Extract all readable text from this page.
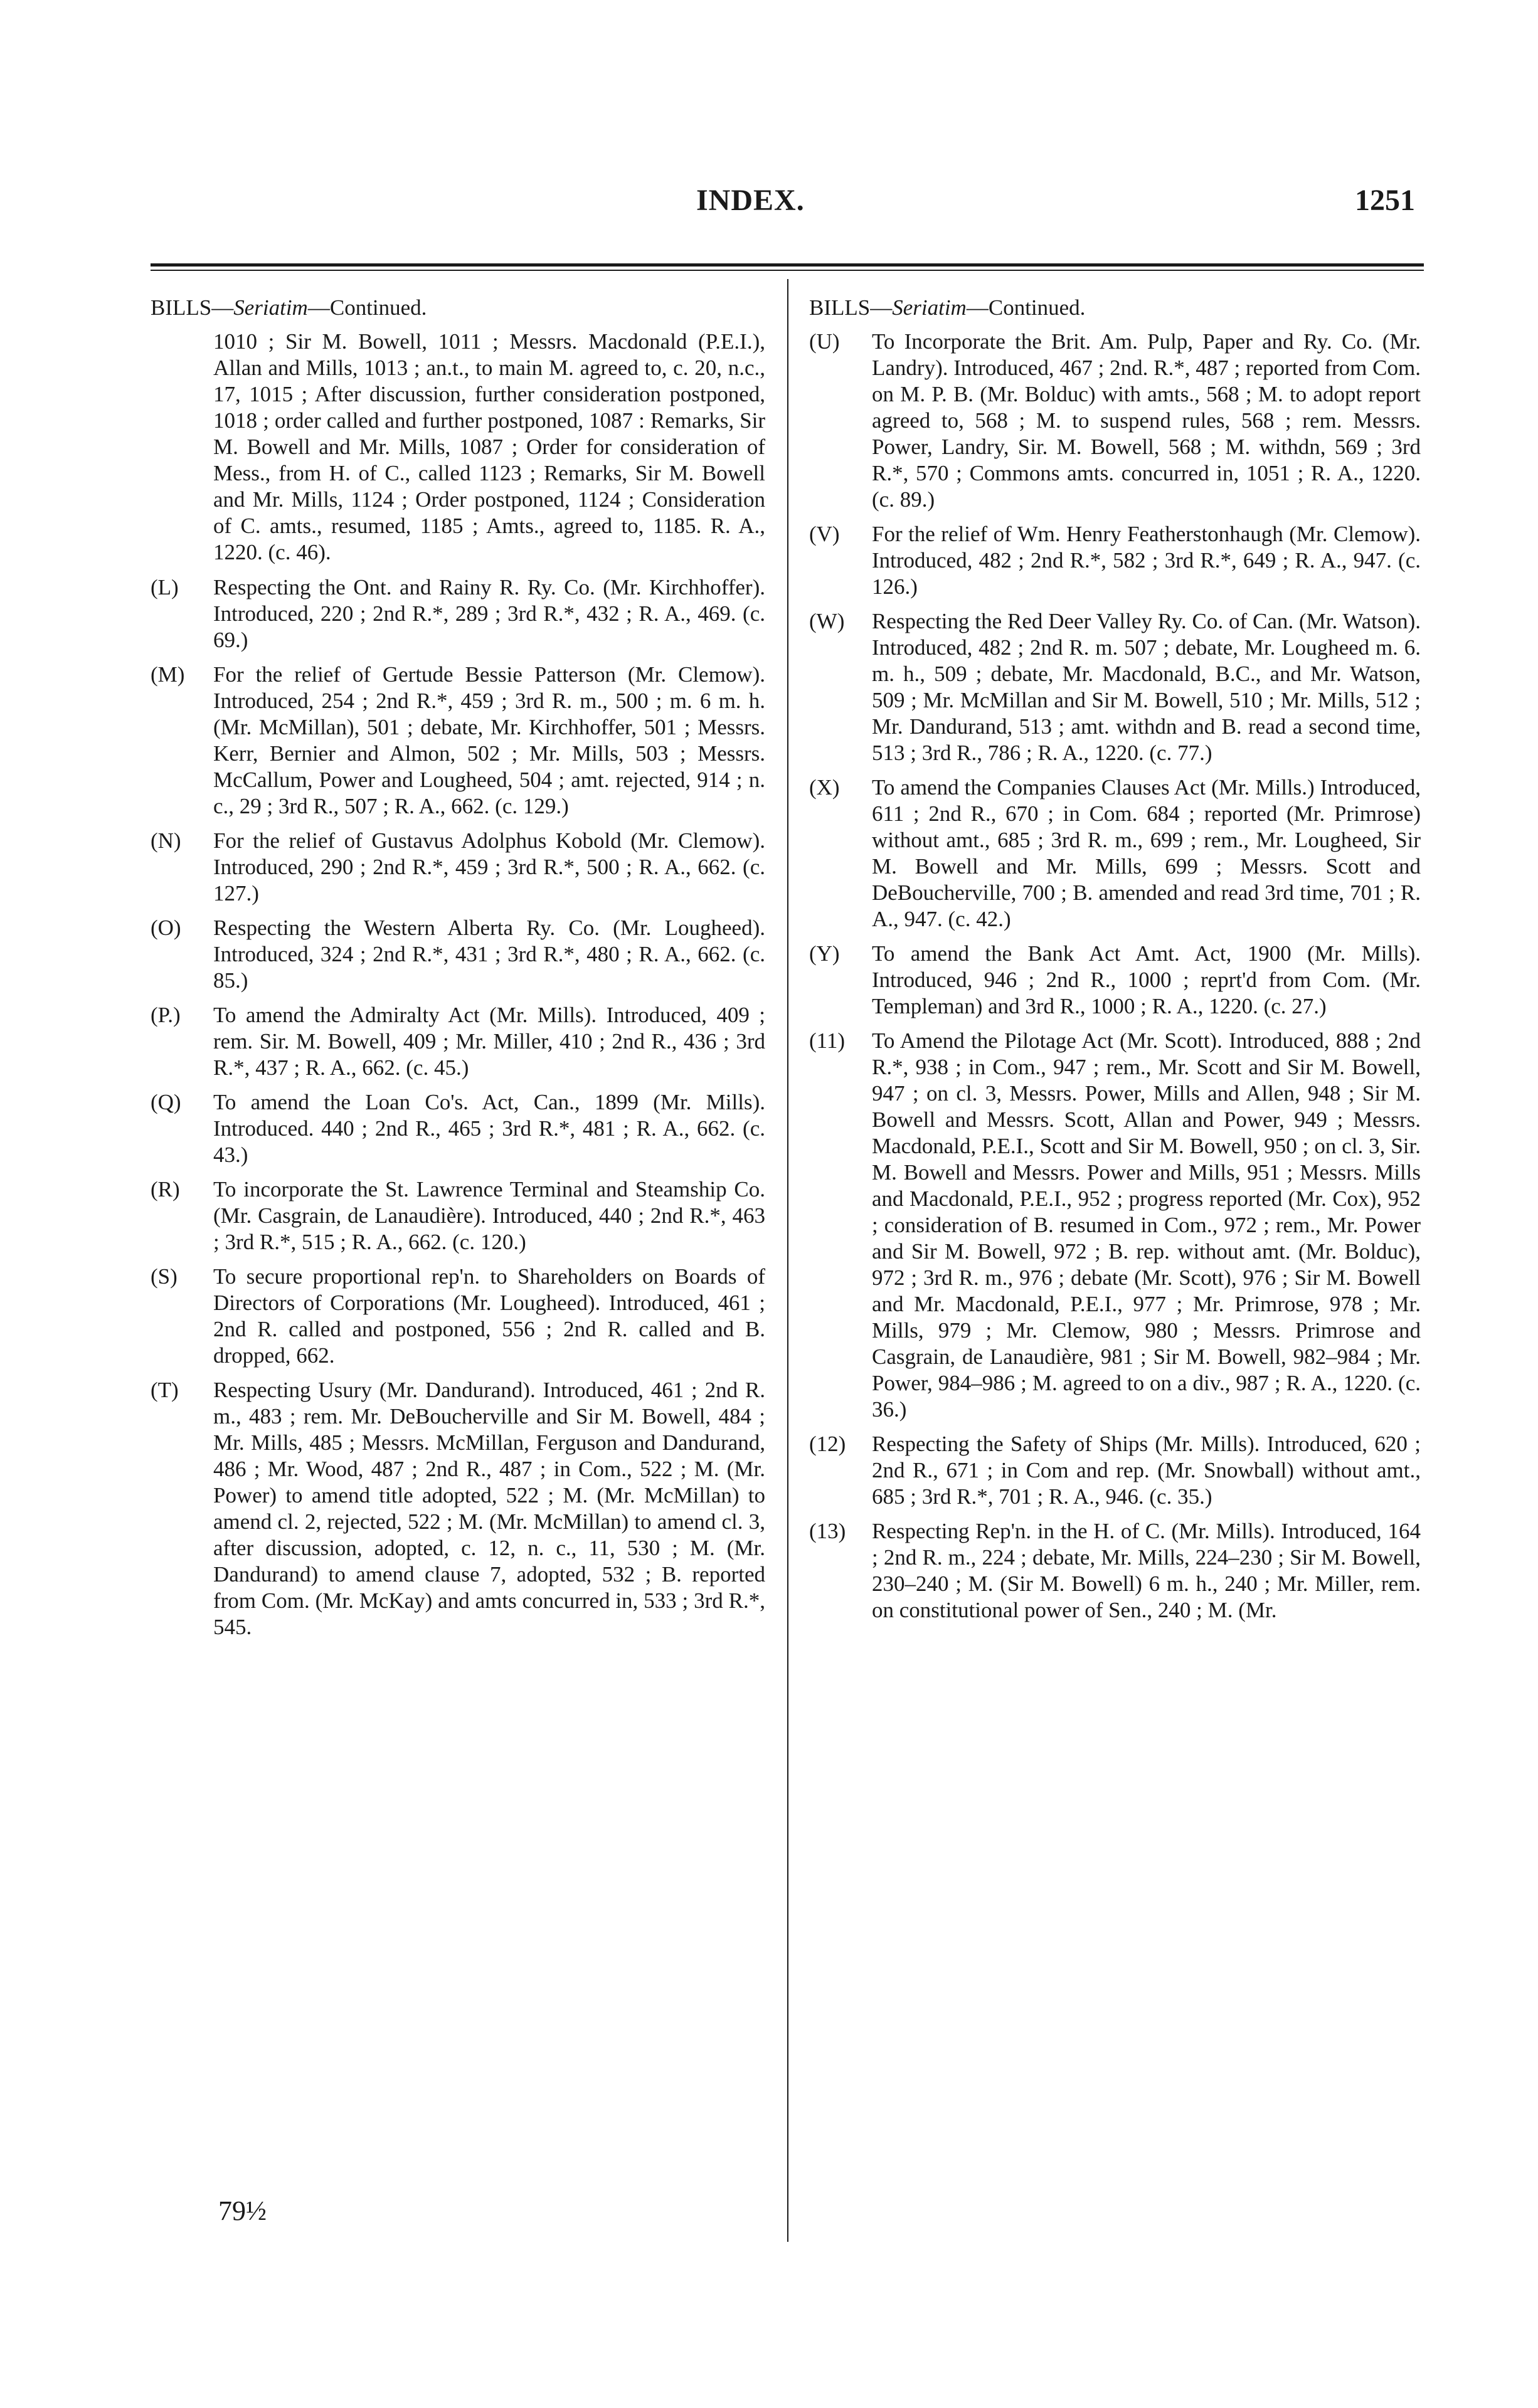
INDEX.	1251
BILLS—Seriatim—Continued.
1010 ; Sir M. Bowell, 1011 ; Messrs. Macdonald (P.E.I.), Allan and Mills, 1013 ; an.t., to main M. agreed to, c. 20, n.c., 17, 1015 ; After discussion, further consideration postponed, 1018 ; order called and further postponed, 1087 : Remarks, Sir M. Bowell and Mr. Mills, 1087 ; Order for consideration of Mess., from H. of C., called 1123 ; Remarks, Sir M. Bowell and Mr. Mills, 1124 ; Order postponed, 1124 ; Consideration of C. amts., resumed, 1185 ; Amts., agreed to, 1185. R. A., 1220. (c. 46).
(L)	Respecting the Ont. and Rainy R. Ry. Co. (Mr. Kirchhoffer). Introduced, 220 ; 2nd R.*, 289 ; 3rd R.*, 432 ; R. A., 469. (c. 69.)
(M)	For the relief of Gertude Bessie Patterson (Mr. Clemow). Introduced, 254 ; 2nd R.*, 459 ; 3rd R. m., 500 ; m. 6 m. h. (Mr. McMillan), 501 ; debate, Mr. Kirchhoffer, 501 ; Messrs. Kerr, Bernier and Almon, 502 ; Mr. Mills, 503 ; Messrs. McCallum, Power and Lougheed, 504 ; amt. rejected, 914 ; n. c., 29 ; 3rd R., 507 ; R. A., 662. (c. 129.)
(N)	For the relief of Gustavus Adolphus Kobold (Mr. Clemow). Introduced, 290 ; 2nd R.*, 459 ; 3rd R.*, 500 ; R. A., 662. (c. 127.)
(O)	Respecting the Western Alberta Ry. Co. (Mr. Lougheed). Introduced, 324 ; 2nd R.*, 431 ; 3rd R.*, 480 ; R. A., 662. (c. 85.)
(P.)	To amend the Admiralty Act (Mr. Mills). Introduced, 409 ; rem. Sir. M. Bowell, 409 ; Mr. Miller, 410 ; 2nd R., 436 ; 3rd R.*, 437 ; R. A., 662. (c. 45.)
(Q)	To amend the Loan Co's. Act, Can., 1899 (Mr. Mills). Introduced. 440 ; 2nd R., 465 ; 3rd R.*, 481 ; R. A., 662. (c. 43.)
(R)	To incorporate the St. Lawrence Terminal and Steamship Co. (Mr. Casgrain, de Lanaudière). Introduced, 440 ; 2nd R.*, 463 ; 3rd R.*, 515 ; R. A., 662. (c. 120.)
(S)	To secure proportional rep'n. to Shareholders on Boards of Directors of Corporations (Mr. Lougheed). Introduced, 461 ; 2nd R. called and postponed, 556 ; 2nd R. called and B. dropped, 662.
(T)	Respecting Usury (Mr. Dandurand). Introduced, 461 ; 2nd R. m., 483 ; rem. Mr. DeBoucherville and Sir M. Bowell, 484 ; Mr. Mills, 485 ; Messrs. McMillan, Ferguson and Dandurand, 486 ; Mr. Wood, 487 ; 2nd R., 487 ; in Com., 522 ; M. (Mr. Power) to amend title adopted, 522 ; M. (Mr. McMillan) to amend cl. 2, rejected, 522 ; M. (Mr. McMillan) to amend cl. 3, after discussion, adopted, c. 12, n. c., 11, 530 ; M. (Mr. Dandurand) to amend clause 7, adopted, 532 ; B. reported from Com. (Mr. McKay) and amts concurred in, 533 ; 3rd R.*, 545.
BILLS—Seriatim—Continued.
(U)	To Incorporate the Brit. Am. Pulp, Paper and Ry. Co. (Mr. Landry). Introduced, 467 ; 2nd. R.*, 487 ; reported from Com. on M. P. B. (Mr. Bolduc) with amts., 568 ; M. to adopt report agreed to, 568 ; M. to suspend rules, 568 ; rem. Messrs. Power, Landry, Sir. M. Bowell, 568 ; M. withdn, 569 ; 3rd R.*, 570 ; Commons amts. concurred in, 1051 ; R. A., 1220. (c. 89.)
(V)	For the relief of Wm. Henry Featherstonhaugh (Mr. Clemow). Introduced, 482 ; 2nd R.*, 582 ; 3rd R.*, 649 ; R. A., 947. (c. 126.)
(W)	Respecting the Red Deer Valley Ry. Co. of Can. (Mr. Watson). Introduced, 482 ; 2nd R. m. 507 ; debate, Mr. Lougheed m. 6. m. h., 509 ; debate, Mr. Macdonald, B.C., and Mr. Watson, 509 ; Mr. McMillan and Sir M. Bowell, 510 ; Mr. Mills, 512 ; Mr. Dandurand, 513 ; amt. withdn and B. read a second time, 513 ; 3rd R., 786 ; R. A., 1220. (c. 77.)
(X)	To amend the Companies Clauses Act (Mr. Mills.) Introduced, 611 ; 2nd R., 670 ; in Com. 684 ; reported (Mr. Primrose) without amt., 685 ; 3rd R. m., 699 ; rem., Mr. Lougheed, Sir M. Bowell and Mr. Mills, 699 ; Messrs. Scott and DeBoucherville, 700 ; B. amended and read 3rd time, 701 ; R. A., 947. (c. 42.)
(Y)	To amend the Bank Act Amt. Act, 1900 (Mr. Mills). Introduced, 946 ; 2nd R., 1000 ; reprt'd from Com. (Mr. Templeman) and 3rd R., 1000 ; R. A., 1220. (c. 27.)
(11)	To Amend the Pilotage Act (Mr. Scott). Introduced, 888 ; 2nd R.*, 938 ; in Com., 947 ; rem., Mr. Scott and Sir M. Bowell, 947 ; on cl. 3, Messrs. Power, Mills and Allen, 948 ; Sir M. Bowell and Messrs. Scott, Allan and Power, 949 ; Messrs. Macdonald, P.E.I., Scott and Sir M. Bowell, 950 ; on cl. 3, Sir. M. Bowell and Messrs. Power and Mills, 951 ; Messrs. Mills and Macdonald, P.E.I., 952 ; progress reported (Mr. Cox), 952 ; consideration of B. resumed in Com., 972 ; rem., Mr. Power and Sir M. Bowell, 972 ; B. rep. without amt. (Mr. Bolduc), 972 ; 3rd R. m., 976 ; debate (Mr. Scott), 976 ; Sir M. Bowell and Mr. Macdonald, P.E.I., 977 ; Mr. Primrose, 978 ; Mr. Mills, 979 ; Mr. Clemow, 980 ; Messrs. Primrose and Casgrain, de Lanaudière, 981 ; Sir M. Bowell, 982–984 ; Mr. Power, 984–986 ; M. agreed to on a div., 987 ; R. A., 1220. (c. 36.)
(12)	Respecting the Safety of Ships (Mr. Mills). Introduced, 620 ; 2nd R., 671 ; in Com and rep. (Mr. Snowball) without amt., 685 ; 3rd R.*, 701 ; R. A., 946. (c. 35.)
(13)	Respecting Rep'n. in the H. of C. (Mr. Mills). Introduced, 164 ; 2nd R. m., 224 ; debate, Mr. Mills, 224–230 ; Sir M. Bowell, 230–240 ; M. (Sir M. Bowell) 6 m. h., 240 ; Mr. Miller, rem. on constitutional power of Sen., 240 ; M. (Mr.
79½
